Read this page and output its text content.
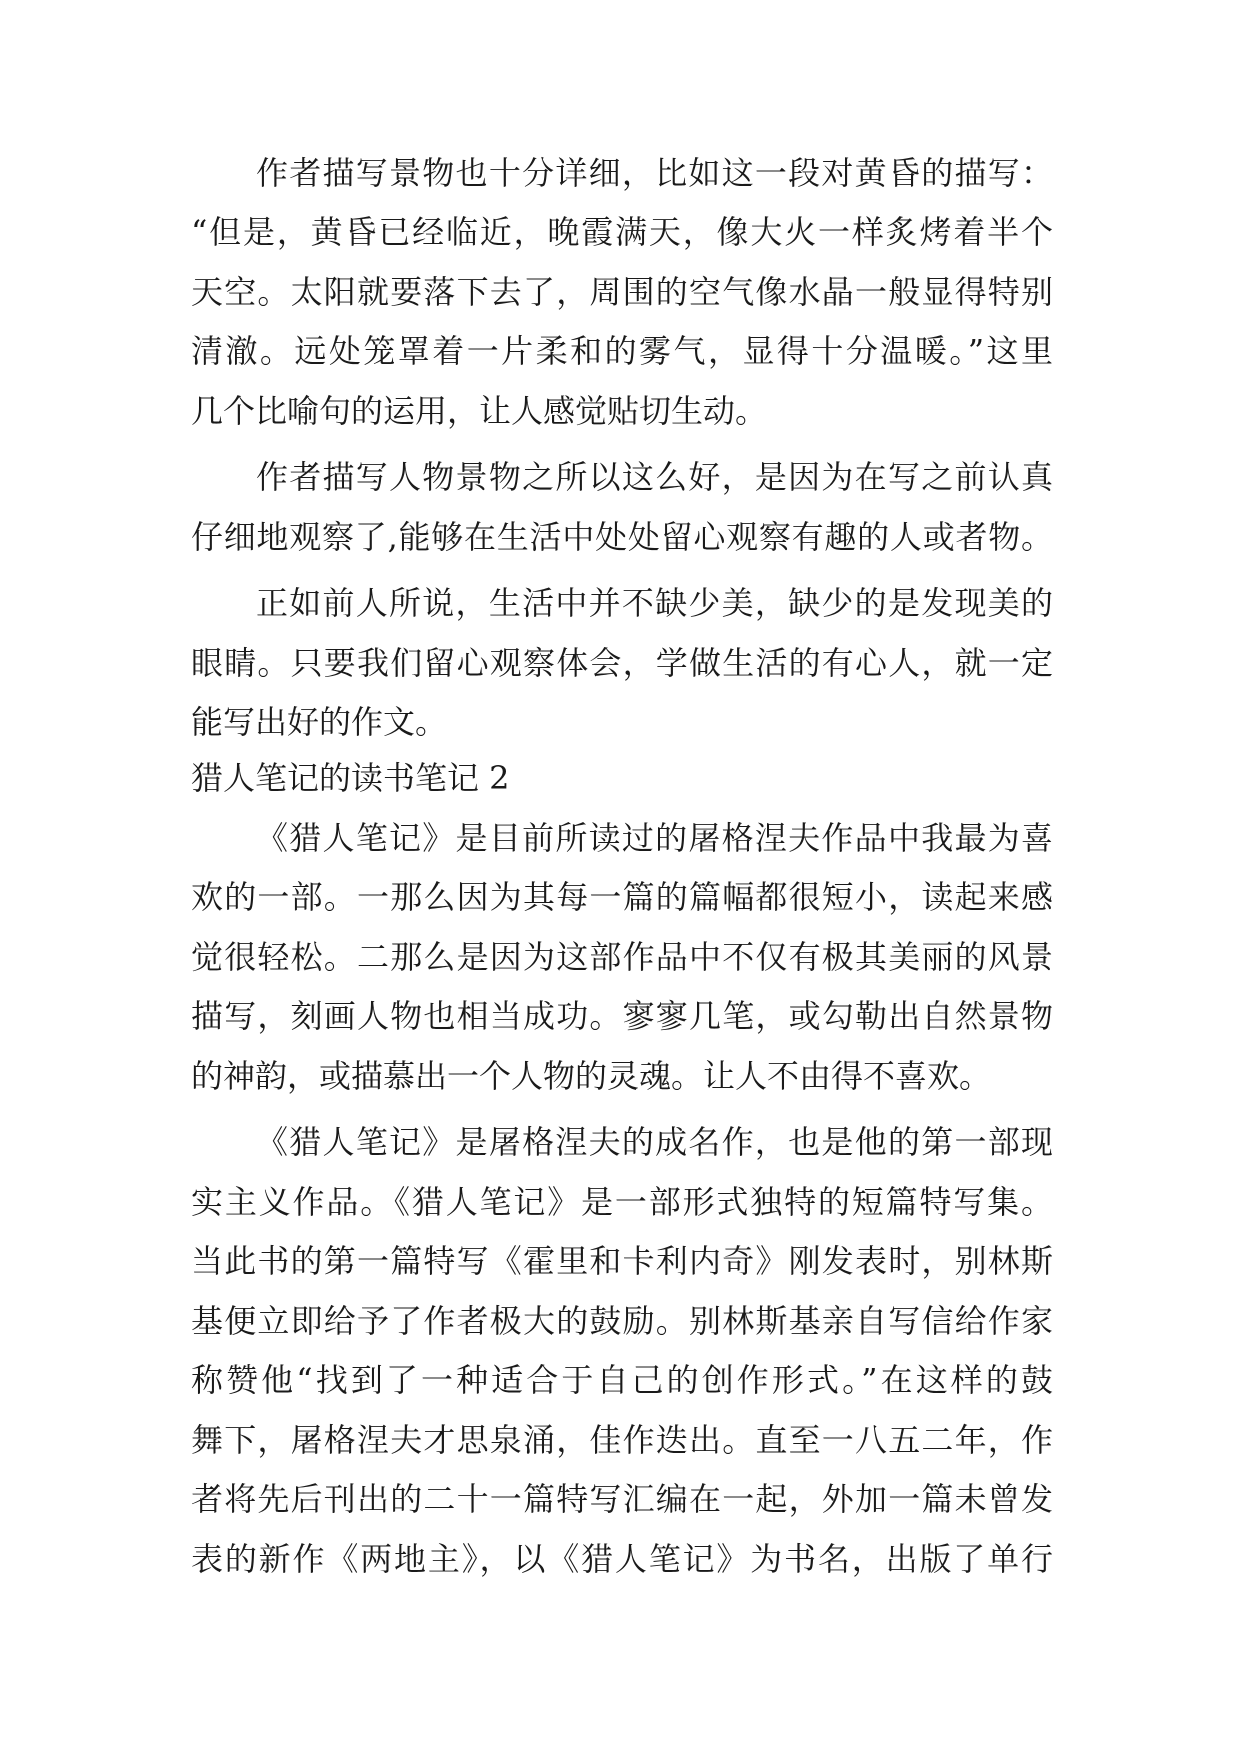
作者描写景物也十分详细，比如这一段对黄昏的描写：
“但是，黄昏已经临近，晚霞满天，像大火一样炙烤着半个
天空。太阳就要落下去了，周围的空气像水晶一般显得特别
清澈。远处笼罩着一片柔和的雾气，显得十分温暖。”这里
几个比喻句的运用，让人感觉贴切生动。
作者描写人物景物之所以这么好，是因为在写之前认真
仔细地观察了,能够在生活中处处留心观察有趣的人或者物。
正如前人所说，生活中并不缺少美，缺少的是发现美的
眼睛。只要我们留心观察体会，学做生活的有心人，就一定
能写出好的作文。
猎人笔记的读书笔记 2
《猎人笔记》是目前所读过的屠格涅夫作品中我最为喜
欢的一部。一那么因为其每一篇的篇幅都很短小，读起来感
觉很轻松。二那么是因为这部作品中不仅有极其美丽的风景
描写，刻画人物也相当成功。寥寥几笔，或勾勒出自然景物
的神韵，或描慕出一个人物的灵魂。让人不由得不喜欢。
《猎人笔记》是屠格涅夫的成名作，也是他的第一部现
实主义作品。《猎人笔记》是一部形式独特的短篇特写集。
当此书的第一篇特写《霍里和卡利内奇》刚发表时，别林斯
基便立即给予了作者极大的鼓励。别林斯基亲自写信给作家
称赞他“找到了一种适合于自己的创作形式。”在这样的鼓
舞下，屠格涅夫才思泉涌，佳作迭出。直至一八五二年，作
者将先后刊出的二十一篇特写汇编在一起，外加一篇未曾发
表的新作《两地主》，以《猎人笔记》为书名，出版了单行
